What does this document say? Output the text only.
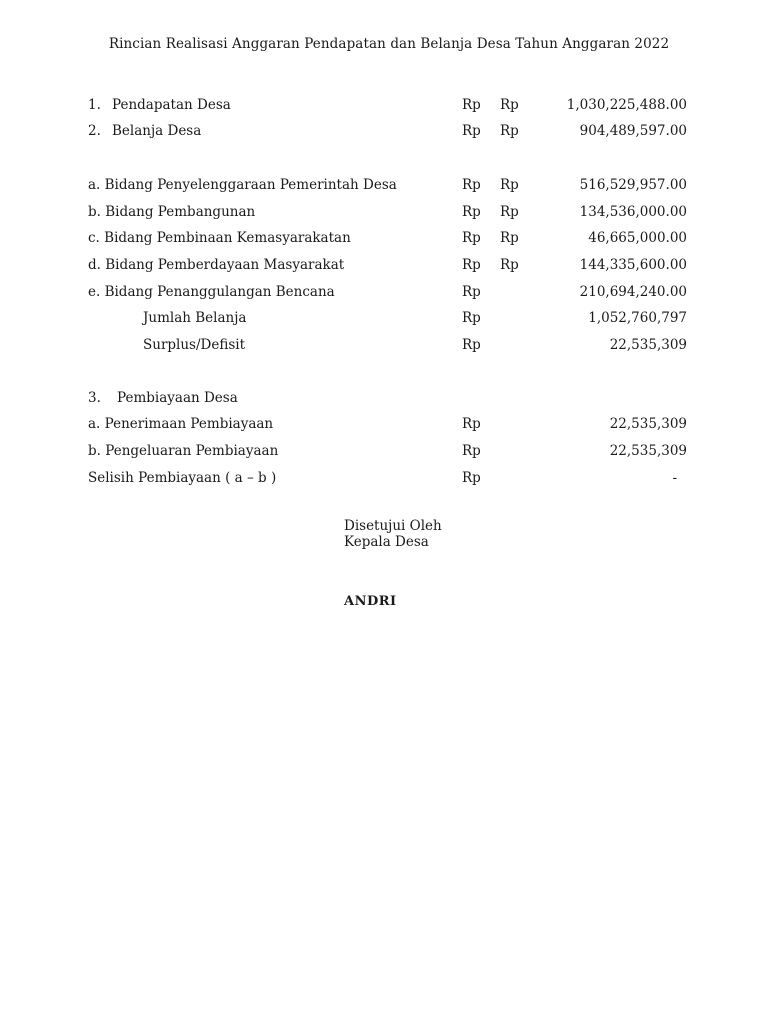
Rincian Realisasi Anggaran Pendapatan dan Belanja Desa Tahun Anggaran 2022
1. Pendapatan Desa	Rp Rp	1,030,225,488.00
2. Belanja Desa	Rp Rp	904,489,597.00
a. Bidang Penyelenggaraan Pemerintah Desa	Rp Rp	516,529,957.00
b. Bidang Pembangunan	Rp Rp	134,536,000.00
c. Bidang Pembinaan Kemasyarakatan	Rp Rp	46,665,000.00
d. Bidang Pemberdayaan Masyarakat	Rp Rp	144,335,600.00
e. Bidang Penanggulangan Bencana	Rp	210,694,240.00
Jumlah Belanja	Rp	1,052,760,797
Surplus/Defisit	Rp	22,535,309
3. Pembiayaan Desa
a. Penerimaan Pembiayaan	Rp	22,535,309
b. Pengeluaran Pembiayaan	Rp	22,535,309
Selisih Pembiayaan ( a – b )	Rp	-
Disetujui Oleh
Kepala Desa
ANDRI
